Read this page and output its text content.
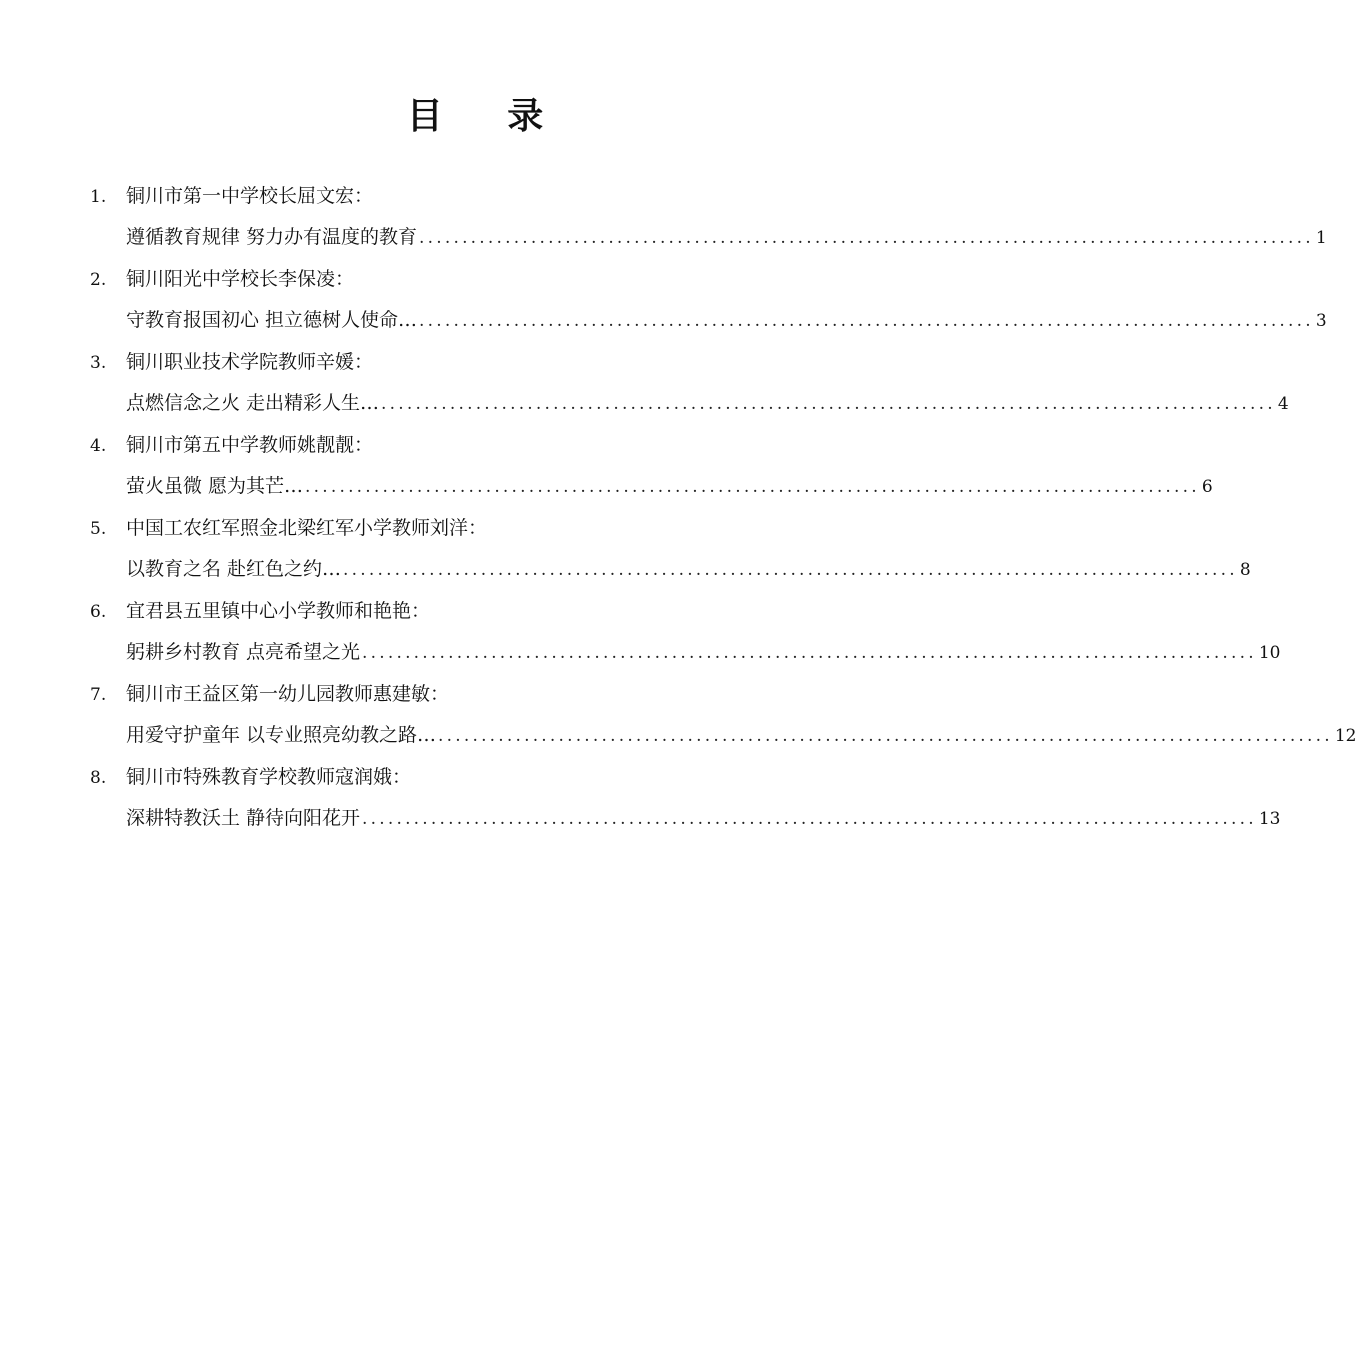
目 录
1. 铜川市第一中学校长屈文宏：
遵循教育规律 努力办有温度的教育 ........................................................................................................ 1
2. 铜川阳光中学校长李保凌：
守教育报国初心 担立德树人使命… ........................................................................................................ 3
3. 铜川职业技术学院教师辛媛：
点燃信念之火 走出精彩人生… ........................................................................................................ 4
4. 铜川市第五中学教师姚靓靓：
萤火虽微 愿为其芒… ........................................................................................................ 6
5. 中国工农红军照金北梁红军小学教师刘洋：
以教育之名 赴红色之约… ........................................................................................................ 8
6. 宜君县五里镇中心小学教师和艳艳：
躬耕乡村教育 点亮希望之光 ........................................................................................................ 10
7. 铜川市王益区第一幼儿园教师惠建敏：
用爱守护童年 以专业照亮幼教之路… ........................................................................................................ 12
8. 铜川市特殊教育学校教师寇润娥：
深耕特教沃土 静待向阳花开 ........................................................................................................ 13
